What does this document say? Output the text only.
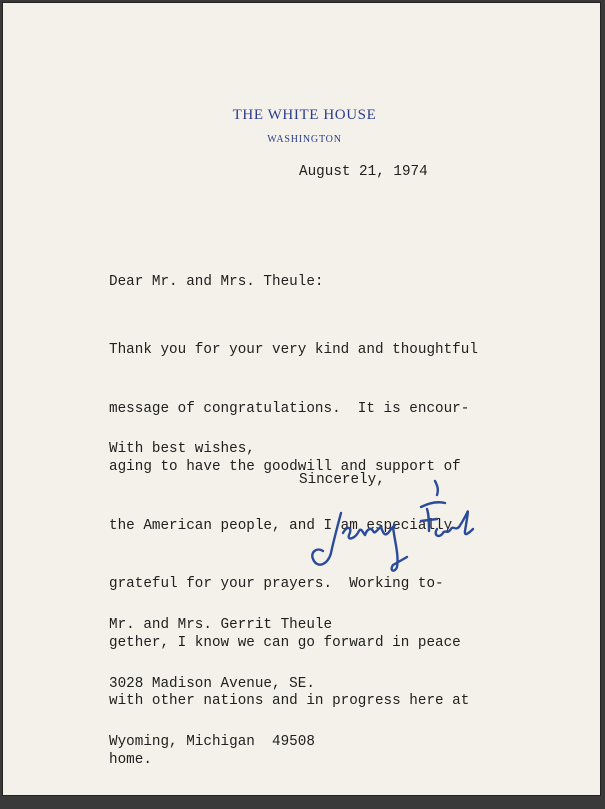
THE WHITE HOUSE
WASHINGTON
August 21, 1974
Dear Mr. and Mrs. Theule:

Thank you for your very kind and thoughtful

message of congratulations.  It is encour-

aging to have the goodwill and support of

the American people, and I am especially

grateful for your prayers.  Working to-

gether, I know we can go forward in peace

with other nations and in progress here at

home.

With best wishes,
Sincerely,

Mr. and Mrs. Gerrit Theule

3028 Madison Avenue, SE.

Wyoming, Michigan  49508
